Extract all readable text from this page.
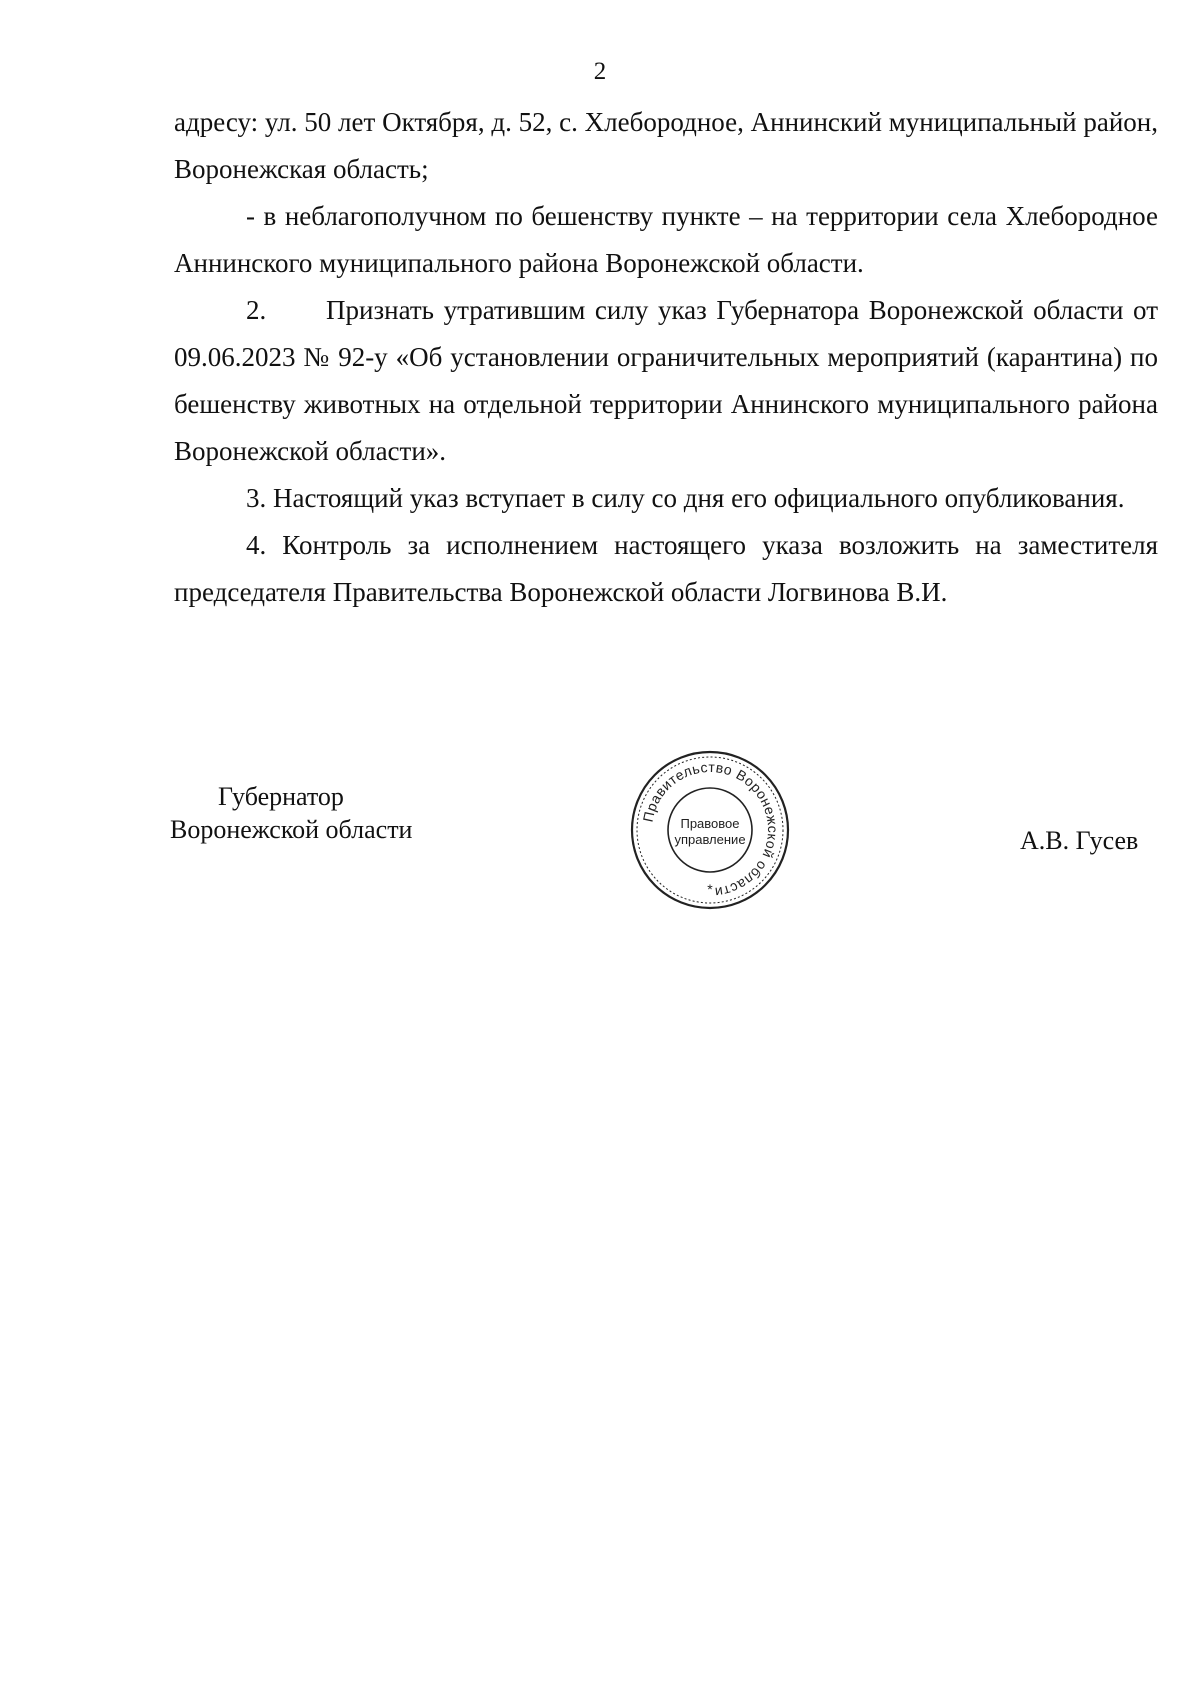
2

адресу: ул. 50 лет Октября, д. 52, с. Хлебородное, Аннинский муниципальный район, Воронежская область;

- в неблагополучном по бешенству пункте – на территории села Хлебородное Аннинского муниципального района Воронежской области.

2. Признать утратившим силу указ Губернатора Воронежской области от 09.06.2023 № 92-у «Об установлении ограничительных мероприятий (карантина) по бешенству животных на отдельной территории Аннинского муниципального района Воронежской области».

3. Настоящий указ вступает в силу со дня его официального опубликования.

4. Контроль за исполнением настоящего указа возложить на заместителя председателя Правительства Воронежской области Логвинова В.И.

Губернатор
Воронежской области	Правительство Воронежской области
Правовое
управление
*
А.В. Гусев
